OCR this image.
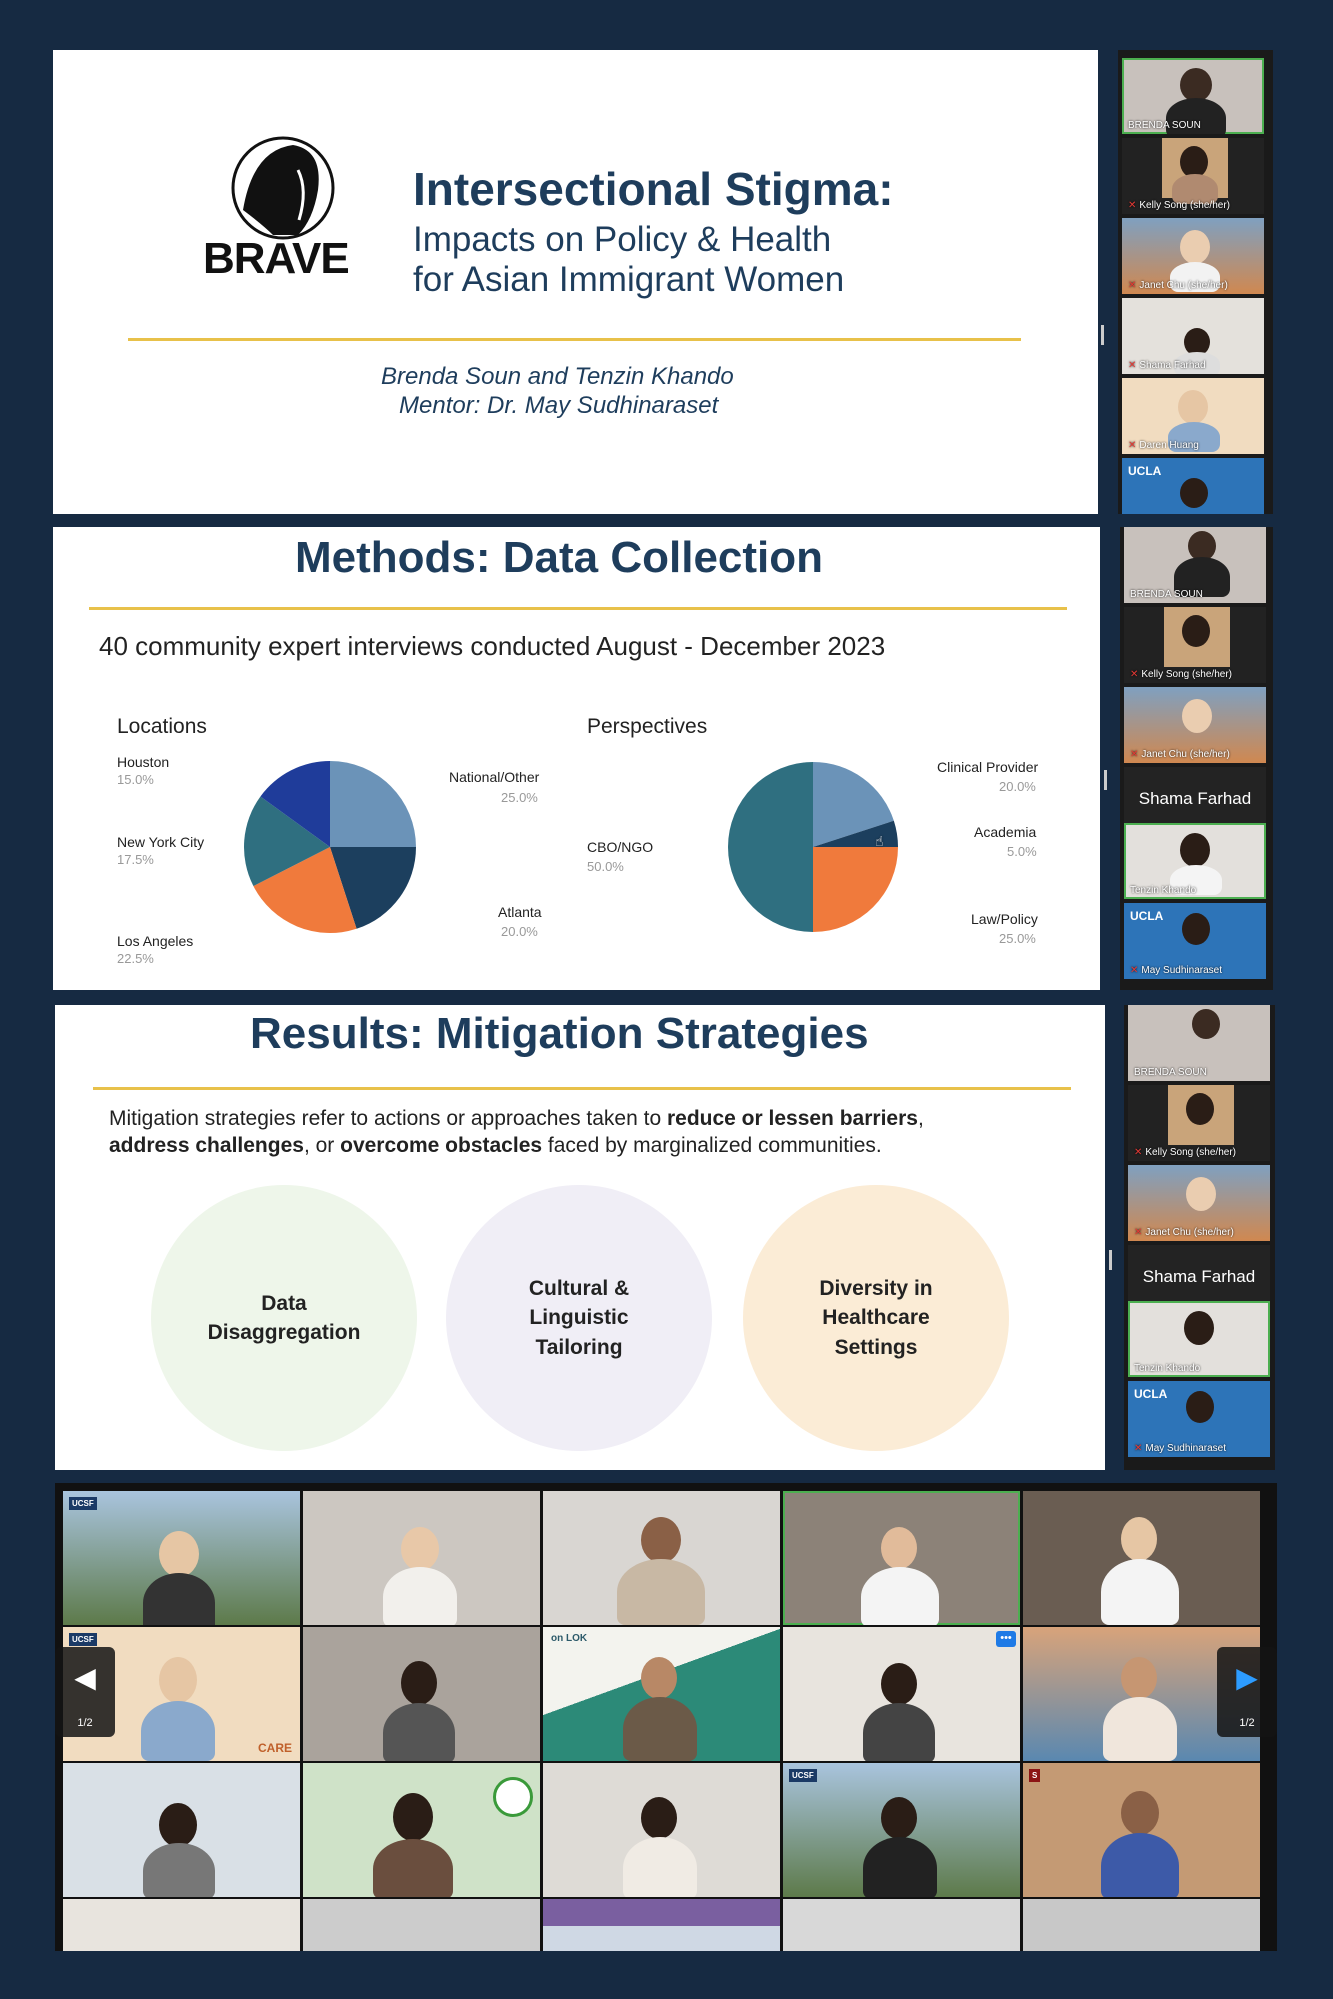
BRAVE
Intersectional Stigma:
Impacts on Policy & Health
for Asian Immigrant Women
Brenda Soun and Tenzin Khando
Mentor: Dr. May Sudhinaraset
BRENDA SOUN
✕ Kelly Song (she/her)
✕ Janet Chu (she/her)
✕ Shama Farhad
✕ Daren Huang
UCLA
Methods: Data Collection
40 community expert interviews conducted August - December 2023
Locations	Perspectives
Houston
15.0%
New York City
17.5%
Los Angeles
22.5%
National/Other
25.0%
Atlanta
20.0%
Clinical Provider
20.0%
Academia
5.0%
Law/Policy
25.0%
CBO/NGO
50.0%
☝
BRENDA SOUN
✕ Kelly Song (she/her)
✕ Janet Chu (she/her)
Shama Farhad
Tenzin Khando
UCLA
✕ May Sudhinaraset
Results: Mitigation Strategies
Mitigation strategies refer to actions or approaches taken to reduce or lessen barriers,
address challenges, or overcome obstacles faced by marginalized communities.
Data
Disaggregation
Cultural &
Linguistic
Tailoring
Diversity in
Healthcare
Settings
BRENDA SOUN
✕ Kelly Song (she/her)
✕ Janet Chu (she/her)
Shama Farhad
Tenzin Khando
UCLA
✕ May Sudhinaraset
UCSF
UCSF
CARE
on LOK	•••
UCSF	S
◀
1/2
▶
1/2
